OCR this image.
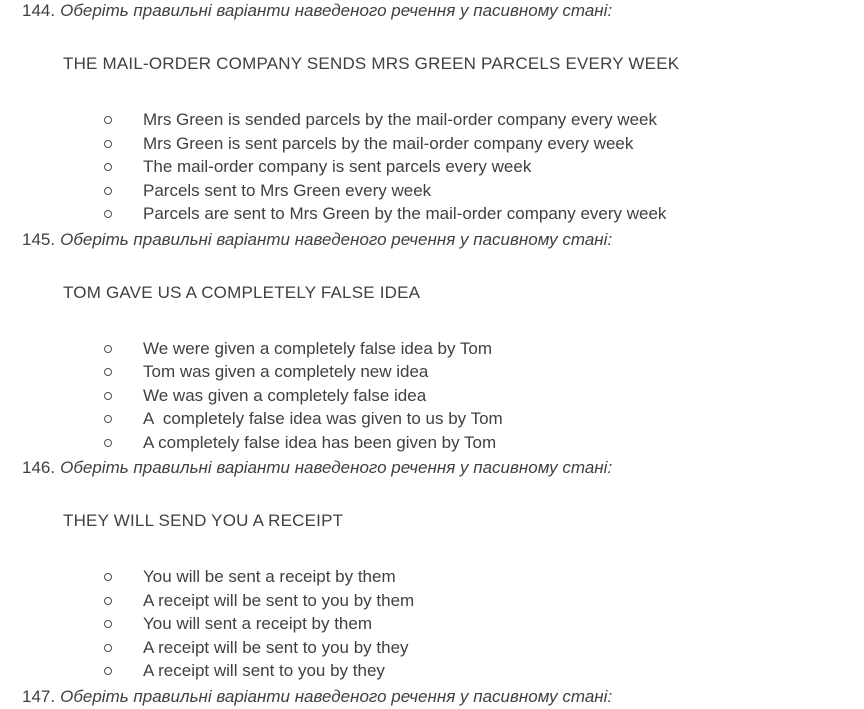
144. Оберіть правильні варіанти наведеного речення у пасивному стані:
THE MAIL-ORDER COMPANY SENDS MRS GREEN PARCELS EVERY WEEK
Mrs Green is sended parcels by the mail-order company every week
Mrs Green is sent parcels by the mail-order company every week
The mail-order company is sent parcels every week
Parcels sent to Mrs Green every week
Parcels are sent to Mrs Green by the mail-order company every week
145. Оберіть правильні варіанти наведеного речення у пасивному стані:
TOM GAVE US A COMPLETELY FALSE IDEA
We were given a completely false idea by Tom
Tom was given a completely new idea
We was given a completely false idea
A  completely false idea was given to us by Tom
A completely false idea has been given by Tom
146. Оберіть правильні варіанти наведеного речення у пасивному стані:
THEY WILL SEND YOU A RECEIPT
You will be sent a receipt by them
A receipt will be sent to you by them
You will sent a receipt by them
A receipt will be sent to you by they
A receipt will sent to you by they
147. Оберіть правильні варіанти наведеного речення у пасивному стані:
